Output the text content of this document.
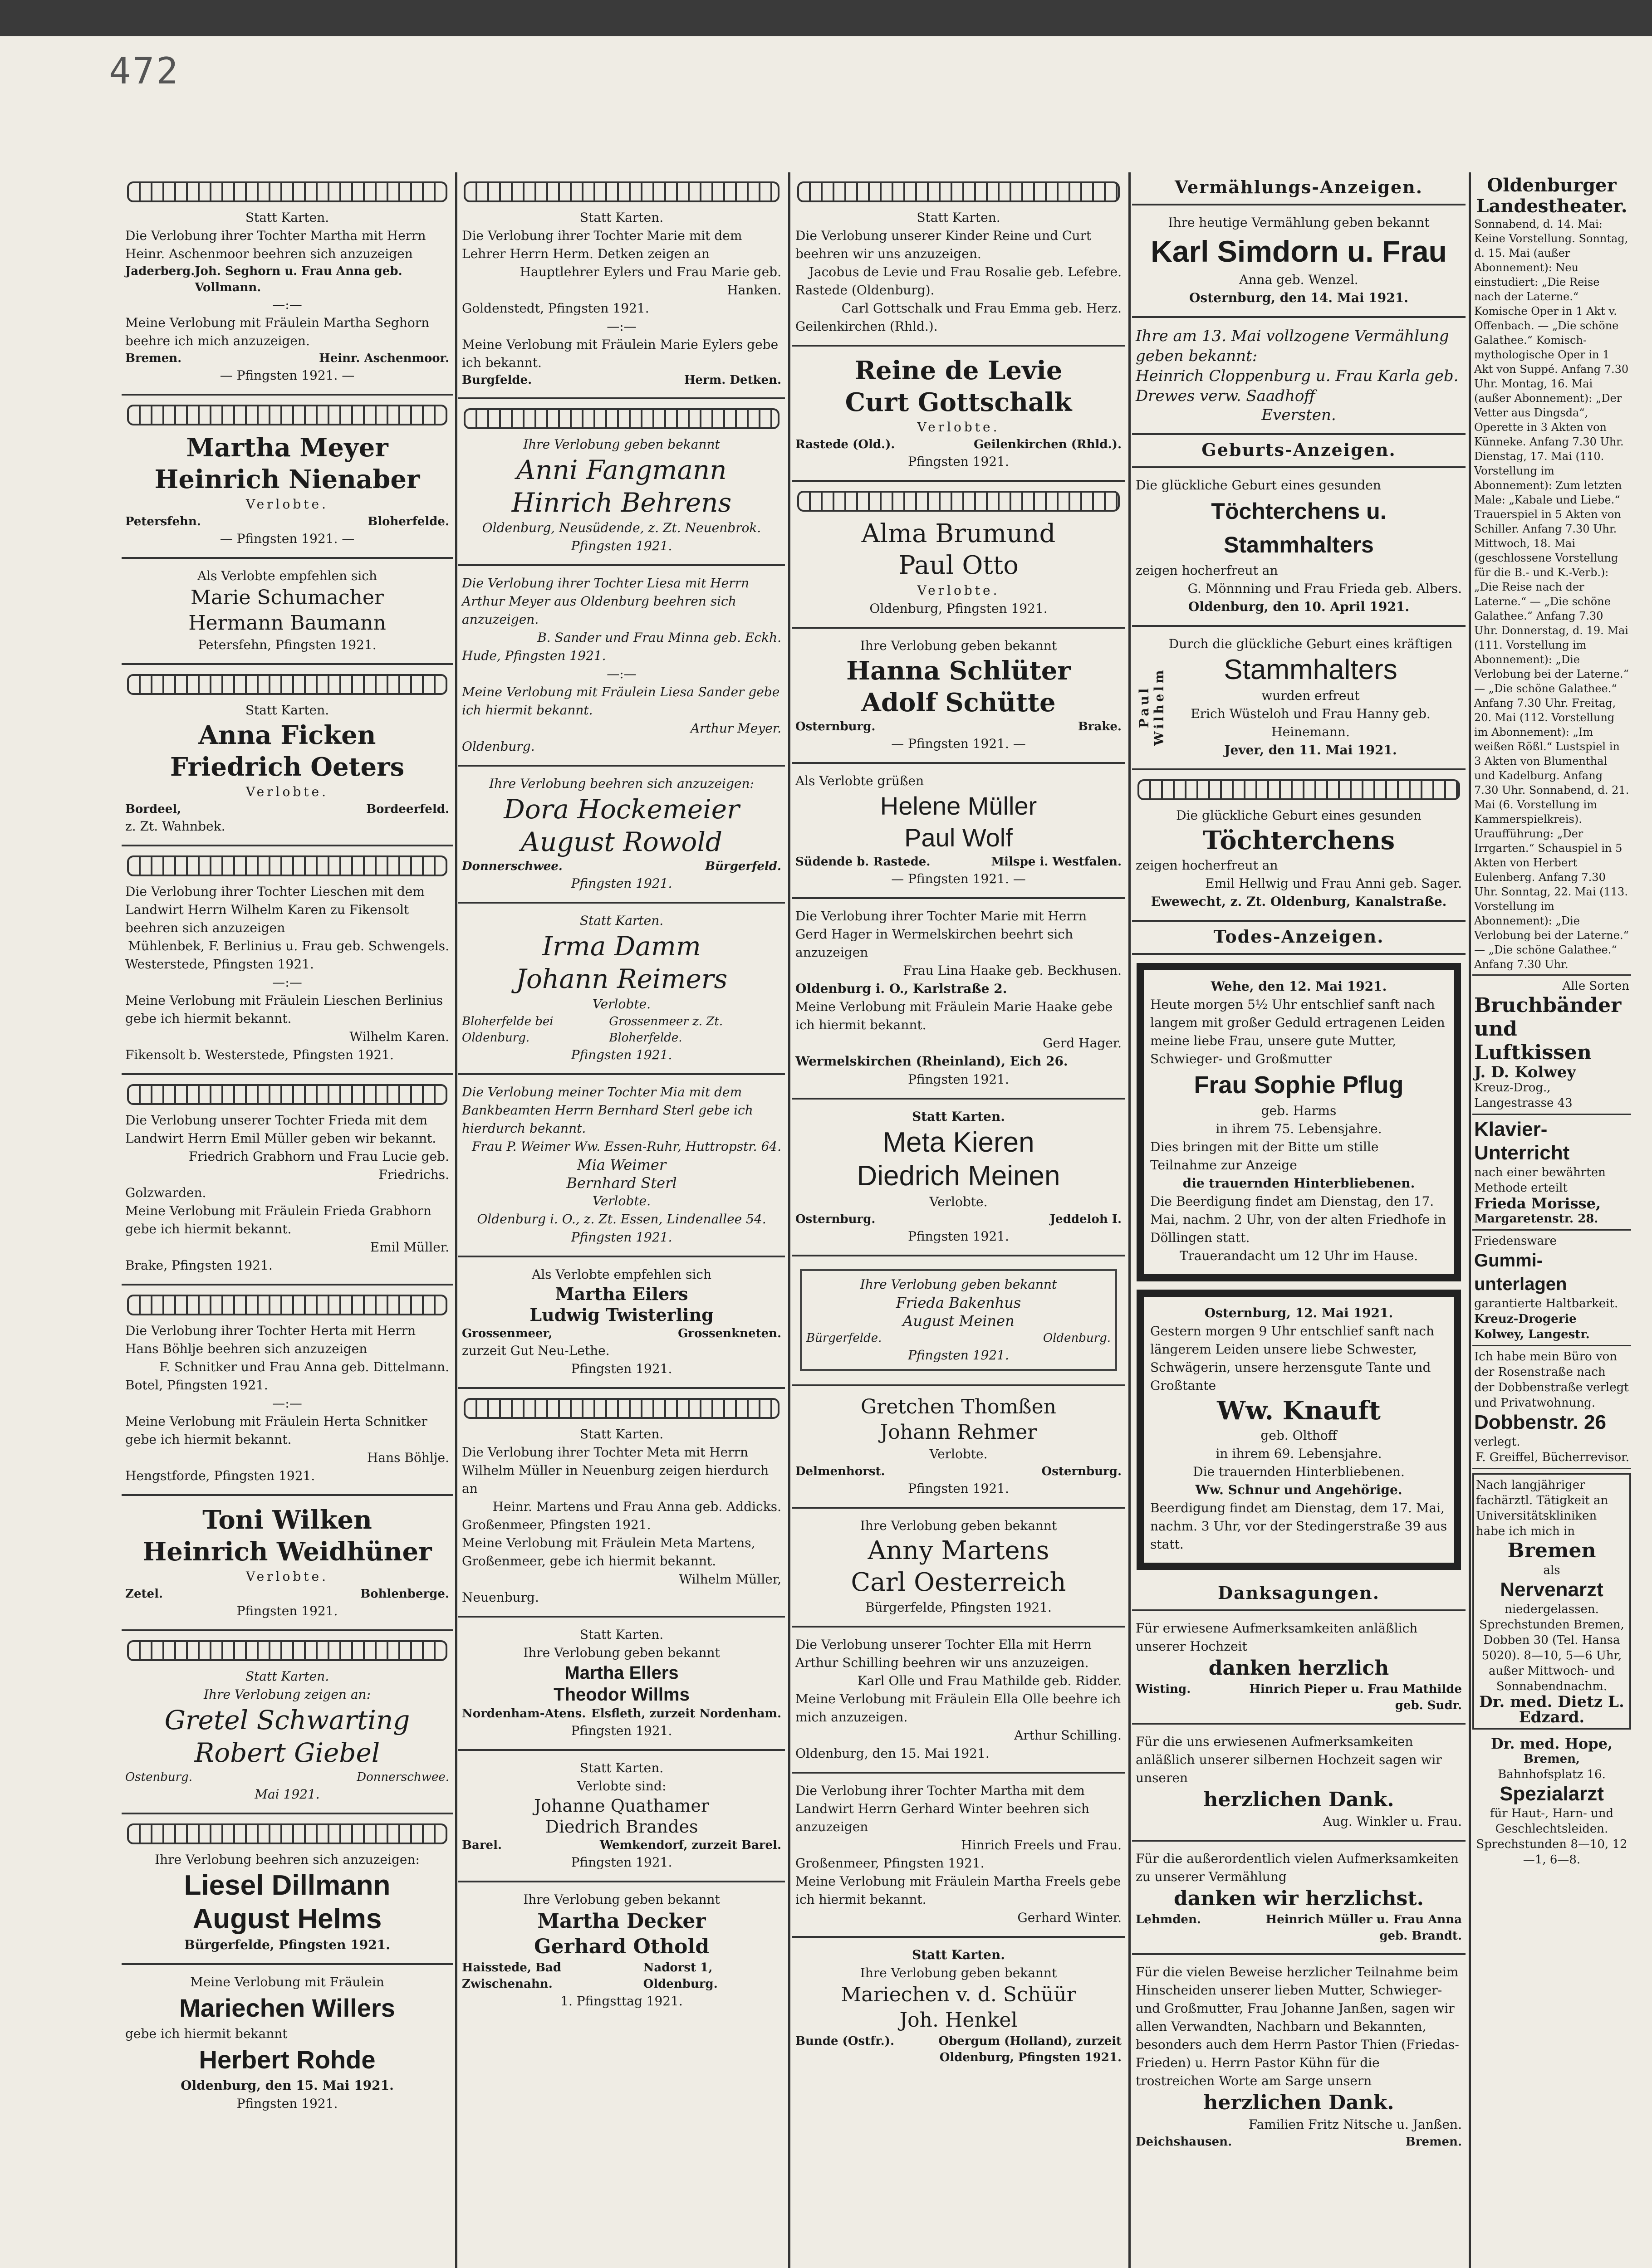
472
Statt Karten.
Die Verlobung ihrer Tochter Martha mit Herrn Heinr. Aschenmoor beehren sich anzuzeigen
Jaderberg. Joh. Seghorn u. Frau Anna geb. Vollmann.
—:—
Meine Verlobung mit Fräulein Martha Seghorn beehre ich mich anzuzeigen.
Bremen.	Heinr. Aschenmoor.
— Pfingsten 1921. —
Martha Meyer
Heinrich Nienaber
Verlobte.
Petersfehn.	Bloherfelde.
— Pfingsten 1921. —
Als Verlobte empfehlen sich
Marie Schumacher
Hermann Baumann
Petersfehn, Pfingsten 1921.
Statt Karten.
Anna Ficken
Friedrich Oeters
Verlobte.
Bordeel,	Bordeerfeld.
z. Zt. Wahnbek.
Die Verlobung ihrer Tochter Lieschen mit dem Landwirt Herrn Wilhelm Karen zu Fikensolt beehren sich anzuzeigen
Mühlenbek, F. Berlinius u. Frau geb. Schwengels.
Westerstede, Pfingsten 1921.
—:—
Meine Verlobung mit Fräulein Lieschen Berlinius gebe ich hiermit bekannt.
Wilhelm Karen.
Fikensolt b. Westerstede, Pfingsten 1921.
Die Verlobung unserer Tochter Frieda mit dem Landwirt Herrn Emil Müller geben wir bekannt.
Friedrich Grabhorn und Frau Lucie geb. Friedrichs.
Golzwarden.
Meine Verlobung mit Fräulein Frieda Grabhorn gebe ich hiermit bekannt.
Emil Müller.
Brake, Pfingsten 1921.
Die Verlobung ihrer Tochter Herta mit Herrn Hans Böhlje beehren sich anzuzeigen
F. Schnitker und Frau Anna geb. Dittelmann.
Botel, Pfingsten 1921.
—:—
Meine Verlobung mit Fräulein Herta Schnitker gebe ich hiermit bekannt.
Hans Böhlje.
Hengstforde, Pfingsten 1921.
Toni Wilken
Heinrich Weidhüner
Verlobte.
Zetel.	Bohlenberge.
Pfingsten 1921.
Statt Karten.
Ihre Verlobung zeigen an:
Gretel Schwarting
Robert Giebel
Ostenburg.	Donnerschwee.
Mai 1921.
Ihre Verlobung beehren sich anzuzeigen:
Liesel Dillmann
August Helms
Bürgerfelde, Pfingsten 1921.
Meine Verlobung mit Fräulein
Mariechen Willers
gebe ich hiermit bekannt
Herbert Rohde
Oldenburg, den 15. Mai 1921.
Pfingsten 1921.
Statt Karten.
Die Verlobung ihrer Tochter Marie mit dem Lehrer Herrn Herm. Detken zeigen an
Hauptlehrer Eylers und Frau Marie geb. Hanken.
Goldenstedt, Pfingsten 1921.
—:—
Meine Verlobung mit Fräulein Marie Eylers gebe ich bekannt.
Burgfelde.	Herm. Detken.
Ihre Verlobung geben bekannt
Anni Fangmann
Hinrich Behrens
Oldenburg, Neusüdende, z. Zt. Neuenbrok.
Pfingsten 1921.
Die Verlobung ihrer Tochter Liesa mit Herrn Arthur Meyer aus Oldenburg beehren sich anzuzeigen.
B. Sander und Frau Minna geb. Eckh.
Hude, Pfingsten 1921.
—:—
Meine Verlobung mit Fräulein Liesa Sander gebe ich hiermit bekannt.
Arthur Meyer.
Oldenburg.
Ihre Verlobung beehren sich anzuzeigen:
Dora Hockemeier
August Rowold
Donnerschwee.	Bürgerfeld.
Pfingsten 1921.
Statt Karten.
Irma Damm
Johann Reimers
Verlobte.
Bloherfelde bei Oldenburg.
Grossenmeer z. Zt. Bloherfelde.
Pfingsten 1921.
Die Verlobung meiner Tochter Mia mit dem Bankbeamten Herrn Bernhard Sterl gebe ich hierdurch bekannt.
Frau P. Weimer Ww. Essen-Ruhr, Huttropstr. 64.
Mia Weimer
Bernhard Sterl
Verlobte.
Oldenburg i. O., z. Zt. Essen, Lindenallee 54.
Pfingsten 1921.
Als Verlobte empfehlen sich
Martha Eilers
Ludwig Twisterling
Grossenmeer,	Grossenkneten.
zurzeit Gut Neu-Lethe.
Pfingsten 1921.
Statt Karten.
Die Verlobung ihrer Tochter Meta mit Herrn Wilhelm Müller in Neuenburg zeigen hierdurch an
Heinr. Martens und Frau Anna geb. Addicks.
Großenmeer, Pfingsten 1921.
Meine Verlobung mit Fräulein Meta Martens, Großenmeer, gebe ich hiermit bekannt.
Wilhelm Müller,
Neuenburg.
Statt Karten.
Ihre Verlobung geben bekannt
Martha Ellers
Theodor Willms
Nordenham-Atens. Elsfleth, zurzeit Nordenham.
Pfingsten 1921.
Statt Karten.
Verlobte sind:
Johanne Quathamer
Diedrich Brandes
Barel.	Wemkendorf, zurzeit Barel.
Pfingsten 1921.
Ihre Verlobung geben bekannt
Martha Decker
Gerhard Othold
Haisstede, Bad Zwischenahn.
Nadorst 1, Oldenburg.
1. Pfingsttag 1921.
Statt Karten.
Die Verlobung unserer Kinder Reine und Curt beehren wir uns anzuzeigen.
Jacobus de Levie und Frau Rosalie geb. Lefebre.
Rastede (Oldenburg).
Carl Gottschalk und Frau Emma geb. Herz.
Geilenkirchen (Rhld.).
Reine de Levie
Curt Gottschalk
Verlobte.
Rastede (Old.).	Geilenkirchen (Rhld.).
Pfingsten 1921.
Alma Brumund
Paul Otto
Verlobte.
Oldenburg, Pfingsten 1921.
Ihre Verlobung geben bekannt
Hanna Schlüter
Adolf Schütte
Osternburg.	Brake.
— Pfingsten 1921. —
Als Verlobte grüßen
Helene Müller
Paul Wolf
Südende b. Rastede.	Milspe i. Westfalen.
— Pfingsten 1921. —
Die Verlobung ihrer Tochter Marie mit Herrn Gerd Hager in Wermelskirchen beehrt sich anzuzeigen
Frau Lina Haake geb. Beckhusen.
Oldenburg i. O., Karlstraße 2.
Meine Verlobung mit Fräulein Marie Haake gebe ich hiermit bekannt.
Gerd Hager.
Wermelskirchen (Rheinland), Eich 26.
Pfingsten 1921.
Statt Karten.
Meta Kieren
Diedrich Meinen
Verlobte.
Osternburg.	Jeddeloh I.
Pfingsten 1921.
Ihre Verlobung geben bekannt
Frieda Bakenhus
August Meinen
Bürgerfelde.	Oldenburg.
Pfingsten 1921.
Gretchen Thomßen
Johann Rehmer
Verlobte.
Delmenhorst.	Osternburg.
Pfingsten 1921.
Ihre Verlobung geben bekannt
Anny Martens
Carl Oesterreich
Bürgerfelde, Pfingsten 1921.
Die Verlobung unserer Tochter Ella mit Herrn Arthur Schilling beehren wir uns anzuzeigen.
Karl Olle und Frau Mathilde geb. Ridder.
Meine Verlobung mit Fräulein Ella Olle beehre ich mich anzuzeigen.
Arthur Schilling.
Oldenburg, den 15. Mai 1921.
Die Verlobung ihrer Tochter Martha mit dem Landwirt Herrn Gerhard Winter beehren sich anzuzeigen
Hinrich Freels und Frau.
Großenmeer, Pfingsten 1921.
Meine Verlobung mit Fräulein Martha Freels gebe ich hiermit bekannt.
Gerhard Winter.
Statt Karten.
Ihre Verlobung geben bekannt
Mariechen v. d. Schüür
Joh. Henkel
Bunde (Ostfr.).	Obergum (Holland), zurzeit Oldenburg, Pfingsten 1921.
Vermählungs-Anzeigen.
Ihre heutige Vermählung geben bekannt
Karl Simdorn u. Frau
Anna geb. Wenzel.
Osternburg, den 14. Mai 1921.
Ihre am 13. Mai vollzogene Vermählung geben bekannt:
Heinrich Cloppenburg u. Frau Karla geb. Drewes verw. Saadhoff
Eversten.
Geburts-Anzeigen.
Die glückliche Geburt eines gesunden
Töchterchens u. Stammhalters
zeigen hocherfreut an
G. Mönnning und Frau Frieda geb. Albers.
Oldenburg, den 10. April 1921.
Paul Wilhelm
Durch die glückliche Geburt eines kräftigen
Stammhalters
wurden erfreut
Erich Wüsteloh und Frau Hanny geb. Heinemann.
Jever, den 11. Mai 1921.
Die glückliche Geburt eines gesunden
Töchterchens
zeigen hocherfreut an
Emil Hellwig und Frau Anni geb. Sager.
Ewewecht, z. Zt. Oldenburg, Kanalstraße.
Todes-Anzeigen.
Wehe, den 12. Mai 1921.
Heute morgen 5½ Uhr entschlief sanft nach langem mit großer Geduld ertragenen Leiden meine liebe Frau, unsere gute Mutter, Schwieger- und Großmutter
Frau Sophie Pflug
geb. Harms
in ihrem 75. Lebensjahre.
Dies bringen mit der Bitte um stille Teilnahme zur Anzeige
die trauernden Hinterbliebenen.
Die Beerdigung findet am Dienstag, den 17. Mai, nachm. 2 Uhr, von der alten Friedhofe in Döllingen statt.
Trauerandacht um 12 Uhr im Hause.
Osternburg, 12. Mai 1921.
Gestern morgen 9 Uhr entschlief sanft nach längerem Leiden unsere liebe Schwester, Schwägerin, unsere herzensgute Tante und Großtante
Ww. Knauft
geb. Olthoff
in ihrem 69. Lebensjahre.
Die trauernden Hinterbliebenen.
Ww. Schnur und Angehörige.
Beerdigung findet am Dienstag, dem 17. Mai, nachm. 3 Uhr, vor der Stedingerstraße 39 aus statt.
Danksagungen.
Für erwiesene Aufmerksamkeiten anläßlich unserer Hochzeit
danken herzlich
Wisting.	Hinrich Pieper u. Frau Mathilde geb. Sudr.
Für die uns erwiesenen Aufmerksamkeiten anläßlich unserer silbernen Hochzeit sagen wir unseren
herzlichen Dank.
Aug. Winkler u. Frau.
Für die außerordentlich vielen Aufmerksamkeiten zu unserer Vermählung
danken wir herzlichst.
Lehmden.	Heinrich Müller u. Frau Anna geb. Brandt.
Für die vielen Beweise herzlicher Teilnahme beim Hinscheiden unserer lieben Mutter, Schwieger- und Großmutter, Frau Johanne Janßen, sagen wir allen Verwandten, Nachbarn und Bekannten, besonders auch dem Herrn Pastor Thien (Friedas-Frieden) u. Herrn Pastor Kühn für die trostreichen Worte am Sarge unsern
herzlichen Dank.
Familien Fritz Nitsche u. Janßen.
Deichshausen.	Bremen.
Oldenburger Landestheater.
Sonnabend, d. 14. Mai: Keine Vorstellung. Sonntag, d. 15. Mai (außer Abonnement): Neu einstudiert: „Die Reise nach der Laterne.“ Komische Oper in 1 Akt v. Offenbach. — „Die schöne Galathee.“ Komisch-mythologische Oper in 1 Akt von Suppé. Anfang 7.30 Uhr. Montag, 16. Mai (außer Abonnement): „Der Vetter aus Dingsda“, Operette in 3 Akten von Künneke. Anfang 7.30 Uhr. Dienstag, 17. Mai (110. Vorstellung im Abonnement): Zum letzten Male: „Kabale und Liebe.“ Trauerspiel in 5 Akten von Schiller. Anfang 7.30 Uhr. Mittwoch, 18. Mai (geschlossene Vorstellung für die B.- und K.-Verb.): „Die Reise nach der Laterne.“ — „Die schöne Galathee.“ Anfang 7.30 Uhr. Donnerstag, d. 19. Mai (111. Vorstellung im Abonnement): „Die Verlobung bei der Laterne.“ — „Die schöne Galathee.“ Anfang 7.30 Uhr. Freitag, 20. Mai (112. Vorstellung im Abonnement): „Im weißen Rößl.“ Lustspiel in 3 Akten von Blumenthal und Kadelburg. Anfang 7.30 Uhr. Sonnabend, d. 21. Mai (6. Vorstellung im Kammerspielkreis). Uraufführung: „Der Irrgarten.“ Schauspiel in 5 Akten von Herbert Eulenberg. Anfang 7.30 Uhr. Sonntag, 22. Mai (113. Vorstellung im Abonnement): „Die Verlobung bei der Laterne.“ — „Die schöne Galathee.“ Anfang 7.30 Uhr.
Alle Sorten
Bruchbänder und Luftkissen
J. D. Kolwey
Kreuz-Drog., Langestrasse 43
Klavier-Unterricht
nach einer bewährten Methode erteilt
Frieda Morisse,
Margaretenstr. 28.
Friedensware
Gummi-unterlagen
garantierte Haltbarkeit.
Kreuz-Drogerie Kolwey, Langestr.
Ich habe mein Büro von der Rosenstraße nach der Dobbenstraße verlegt und Privatwohnung.
Dobbenstr. 26
verlegt.
F. Greiffel, Bücherrevisor.
Nach langjähriger fachärztl. Tätigkeit an Universitätskliniken habe ich mich in
Bremen
als
Nervenarzt
niedergelassen.
Sprechstunden Bremen, Dobben 30 (Tel. Hansa 5020). 8—10, 5—6 Uhr, außer Mittwoch- und Sonnabendnachm.
Dr. med. Dietz L. Edzard.
Dr. med. Hope,
Bremen,
Bahnhofsplatz 16.
Spezialarzt
für Haut-, Harn- und Geschlechtsleiden.
Sprechstunden 8—10, 12—1, 6—8.
